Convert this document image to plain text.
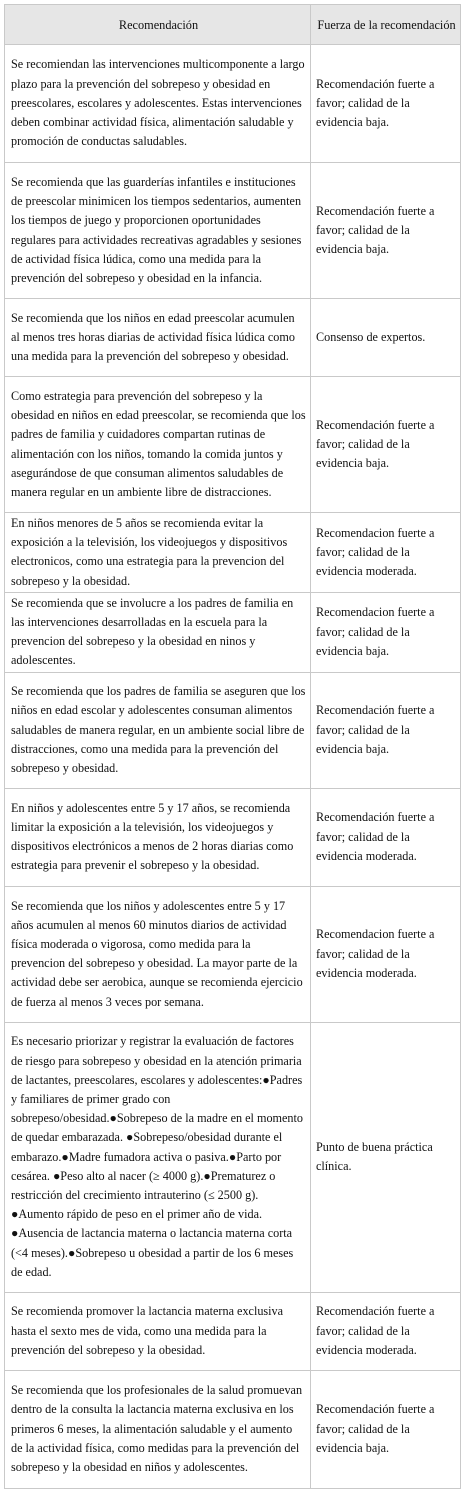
Recomendación	Fuerza de la recomendación
Se recomiendan las intervenciones multicomponente a largo plazo para la prevención del sobrepeso y obesidad en preescolares, escolares y adolescentes. Estas intervenciones deben combinar actividad física, alimentación saludable y promoción de conductas saludables.	Recomendación fuerte a favor; calidad de la evidencia baja.
Se recomienda que las guarderías infantiles e instituciones de preescolar minimicen los tiempos sedentarios, aumenten los tiempos de juego y proporcionen oportunidades regulares para actividades recreativas agradables y sesiones de actividad física lúdica, como una medida para la prevención del sobrepeso y obesidad en la infancia.	Recomendación fuerte a favor; calidad de la evidencia baja.
Se recomienda que los niños en edad preescolar acumulen al menos tres horas diarias de actividad física lúdica como una medida para la prevención del sobrepeso y obesidad.	Consenso de expertos.
Como estrategia para prevención del sobrepeso y la obesidad en niños en edad preescolar, se recomienda que los padres de familia y cuidadores compartan rutinas de alimentación con los niños, tomando la comida juntos y asegurándose de que consuman alimentos saludables de manera regular en un ambiente libre de distracciones.	Recomendación fuerte a favor; calidad de la evidencia baja.
En niños menores de 5 años se recomienda evitar la exposición a la televisión, los videojuegos y dispositivos electronicos, como una estrategia para la prevencion del sobrepeso y la obesidad.	Recomendacion fuerte a favor; calidad de la evidencia moderada.
Se recomienda que se involucre a los padres de familia en las intervenciones desarrolladas en la escuela para la prevencion del sobrepeso y la obesidad en ninos y adolescentes.	Recomendacion fuerte a favor; calidad de la evidencia baja.
Se recomienda que los padres de familia se aseguren que los niños en edad escolar y adolescentes consuman alimentos saludables de manera regular, en un ambiente social libre de distracciones, como una medida para la prevención del sobrepeso y obesidad.	Recomendación fuerte a favor; calidad de la evidencia baja.
En niños y adolescentes entre 5 y 17 años, se recomienda limitar la exposición a la televisión, los videojuegos y dispositivos electrónicos a menos de 2 horas diarias como estrategia para prevenir el sobrepeso y la obesidad.	Recomendación fuerte a favor; calidad de la evidencia moderada.
Se recomienda que los niños y adolescentes entre 5 y 17 años acumulen al menos 60 minutos diarios de actividad física moderada o vigorosa, como medida para la prevencion del sobrepeso y obesidad. La mayor parte de la actividad debe ser aerobica, aunque se recomienda ejercicio de fuerza al menos 3 veces por semana.	Recomendacion fuerte a favor; calidad de la evidencia moderada.
Es necesario priorizar y registrar la evaluación de factores de riesgo para sobrepeso y obesidad en la atención primaria de lactantes, preescolares, escolares y adolescentes:●Padres y familiares de primer grado con sobrepeso/obesidad.●Sobrepeso de la madre en el momento de quedar embarazada. ●Sobrepeso/obesidad durante el embarazo.●Madre fumadora activa o pasiva.●Parto por cesárea. ●Peso alto al nacer (≥ 4000 g).●Prematurez o restricción del crecimiento intrauterino (≤ 2500 g). ●Aumento rápido de peso en el primer año de vida. ●Ausencia de lactancia materna o lactancia materna corta (<4 meses).●Sobrepeso u obesidad a partir de los 6 meses de edad.	Punto de buena práctica clínica.
Se recomienda promover la lactancia materna exclusiva hasta el sexto mes de vida, como una medida para la prevención del sobrepeso y la obesidad.	Recomendación fuerte a favor; calidad de la evidencia moderada.
Se recomienda que los profesionales de la salud promuevan dentro de la consulta la lactancia materna exclusiva en los primeros 6 meses, la alimentación saludable y el aumento de la actividad física, como medidas para la prevención del sobrepeso y la obesidad en niños y adolescentes.	Recomendación fuerte a favor; calidad de la evidencia baja.
